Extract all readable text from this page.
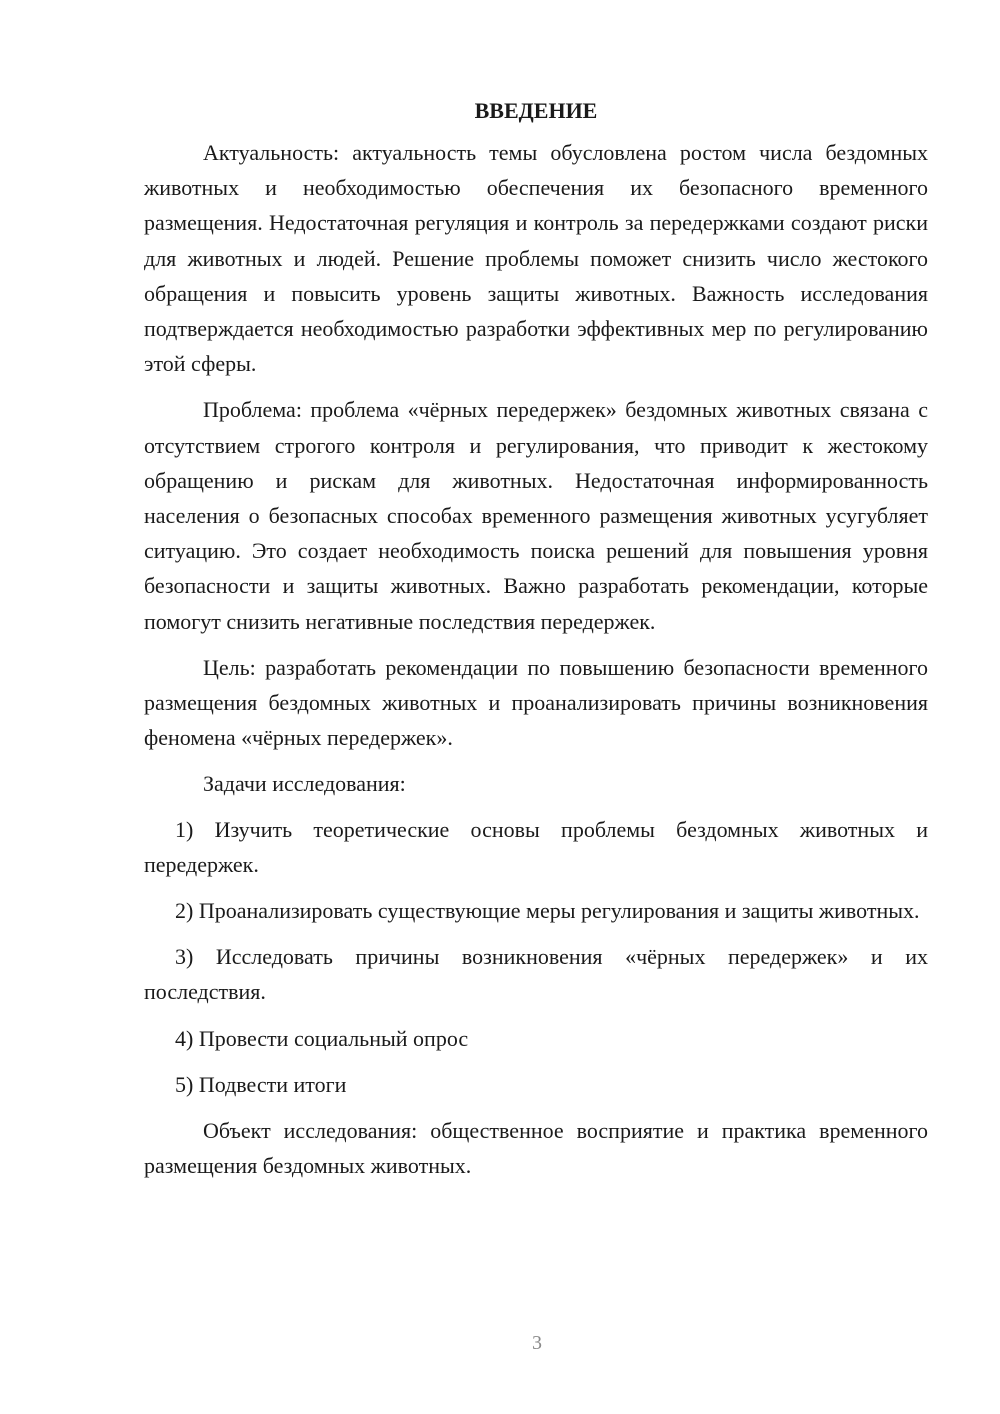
ВВЕДЕНИЕ

Актуальность: актуальность темы обусловлена ростом числа бездомных животных и необходимостью обеспечения их безопасного временного размещения. Недостаточная регуляция и контроль за передержками создают риски для животных и людей. Решение проблемы поможет снизить число жестокого обращения и повысить уровень защиты животных. Важность исследования подтверждается необходимостью разработки эффективных мер по регулированию этой сферы.

Проблема: проблема «чёрных передержек» бездомных животных связана с отсутствием строгого контроля и регулирования, что приводит к жестокому обращению и рискам для животных. Недостаточная информированность населения о безопасных способах временного размещения животных усугубляет ситуацию. Это создает необходимость поиска решений для повышения уровня безопасности и защиты животных. Важно разработать рекомендации, которые помогут снизить негативные последствия передержек.

Цель: разработать рекомендации по повышению безопасности временного размещения бездомных животных и проанализировать причины возникновения феномена «чёрных передержек».

Задачи исследования:

1) Изучить теоретические основы проблемы бездомных животных и передержек.

2) Проанализировать существующие меры регулирования и защиты животных.

3) Исследовать причины возникновения «чёрных передержек» и их последствия.

4) Провести социальный опрос

5) Подвести итоги

Объект исследования: общественное восприятие и практика временного размещения бездомных животных.

3
